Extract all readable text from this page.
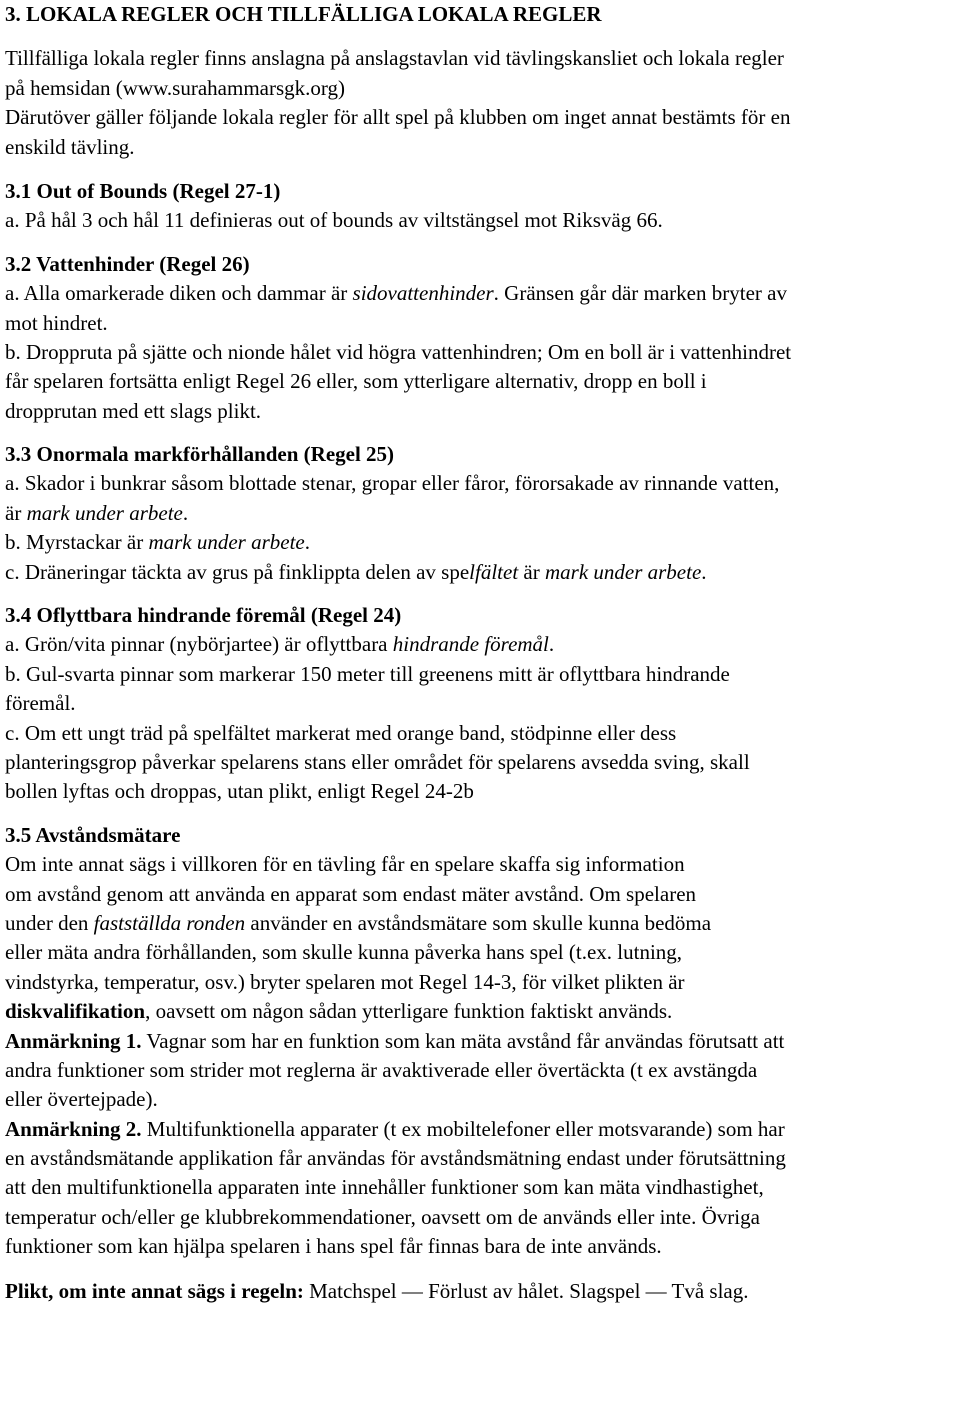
3. LOKALA REGLER OCH TILLFÄLLIGA LOKALA REGLER
Tillfälliga lokala regler finns anslagna på anslagstavlan vid tävlingskansliet och lokala regler
på hemsidan (www.surahammarsgk.org)
Därutöver gäller följande lokala regler för allt spel på klubben om inget annat bestämts för en
enskild tävling.
3.1 Out of Bounds (Regel 27-1)
a. På hål 3 och hål 11 definieras out of bounds av viltstängsel mot Riksväg 66.
3.2 Vattenhinder (Regel 26)
a. Alla omarkerade diken och dammar är sidovattenhinder. Gränsen går där marken bryter av
mot hindret.
b. Droppruta på sjätte och nionde hålet vid högra vattenhindren; Om en boll är i vattenhindret
får spelaren fortsätta enligt Regel 26 eller, som ytterligare alternativ, dropp en boll i
dropprutan med ett slags plikt.
3.3 Onormala markförhållanden (Regel 25)
a. Skador i bunkrar såsom blottade stenar, gropar eller fåror, förorsakade av rinnande vatten,
är mark under arbete.
b. Myrstackar är mark under arbete.
c. Dräneringar täckta av grus på finklippta delen av spelfältet är mark under arbete.
3.4 Oflyttbara hindrande föremål (Regel 24)
a. Grön/vita pinnar (nybörjartee) är oflyttbara hindrande föremål.
b. Gul-svarta pinnar som markerar 150 meter till greenens mitt är oflyttbara hindrande
föremål.
c. Om ett ungt träd på spelfältet markerat med orange band, stödpinne eller dess
planteringsgrop påverkar spelarens stans eller området för spelarens avsedda sving, skall
bollen lyftas och droppas, utan plikt, enligt Regel 24-2b
3.5 Avståndsmätare
Om inte annat sägs i villkoren för en tävling får en spelare skaffa sig information
om avstånd genom att använda en apparat som endast mäter avstånd. Om spelaren
under den fastställda ronden använder en avståndsmätare som skulle kunna bedöma
eller mäta andra förhållanden, som skulle kunna påverka hans spel (t.ex. lutning,
vindstyrka, temperatur, osv.) bryter spelaren mot Regel 14-3, för vilket plikten är
diskvalifikation, oavsett om någon sådan ytterligare funktion faktiskt används.
Anmärkning 1. Vagnar som har en funktion som kan mäta avstånd får användas förutsatt att
andra funktioner som strider mot reglerna är avaktiverade eller övertäckta (t ex avstängda
eller övertejpade).
Anmärkning 2. Multifunktionella apparater (t ex mobiltelefoner eller motsvarande) som har
en avståndsmätande applikation får användas för avståndsmätning endast under förutsättning
att den multifunktionella apparaten inte innehåller funktioner som kan mäta vindhastighet,
temperatur och/eller ge klubbrekommendationer, oavsett om de används eller inte. Övriga
funktioner som kan hjälpa spelaren i hans spel får finnas bara de inte används.
Plikt, om inte annat sägs i regeln: Matchspel — Förlust av hålet. Slagspel — Två slag.
